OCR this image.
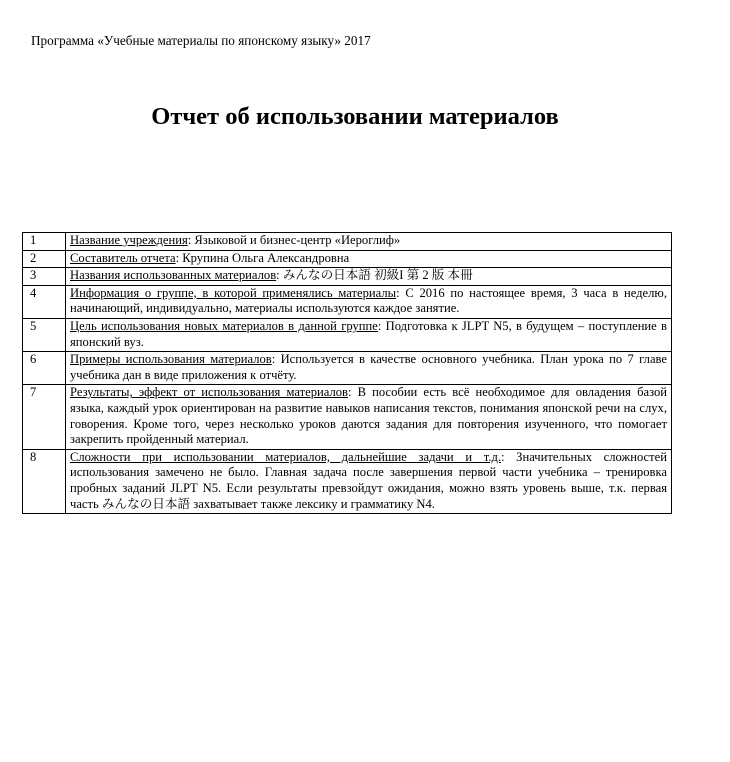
Программа «Учебные материалы по японскому языку» 2017
Отчет об использовании материалов
1	Название учреждения: Языковой и бизнес-центр «Иероглиф»
2	Составитель отчета: Крупина Ольга Александровна
3	Названия использованных материалов: みんなの日本語 初級I 第 2 版 本冊
4	Информация о группе, в которой применялись материалы: С 2016 по настоящее время, 3 часа в неделю, начинающий, индивидуально, материалы используются каждое занятие.
5	Цель использования новых материалов в данной группе: Подготовка к JLPT N5, в будущем – поступление в японский вуз.
6	Примеры использования материалов: Используется в качестве основного учебника. План урока по 7 главе учебника дан в виде приложения к отчёту.
7	Результаты, эффект от использования материалов: В пособии есть всё необходимое для овладения базой языка, каждый урок ориентирован на развитие навыков написания текстов, понимания японской речи на слух, говорения. Кроме того, через несколько уроков даются задания для повторения изученного, что помогает закрепить пройденный материал.
8	Сложности при использовании материалов, дальнейшие задачи и т.д.: Значительных сложностей использования замечено не было. Главная задача после завершения первой части учебника – тренировка пробных заданий JLPT N5. Если результаты превзойдут ожидания, можно взять уровень выше, т.к. первая часть みんなの日本語 захватывает также лексику и грамматику N4.
